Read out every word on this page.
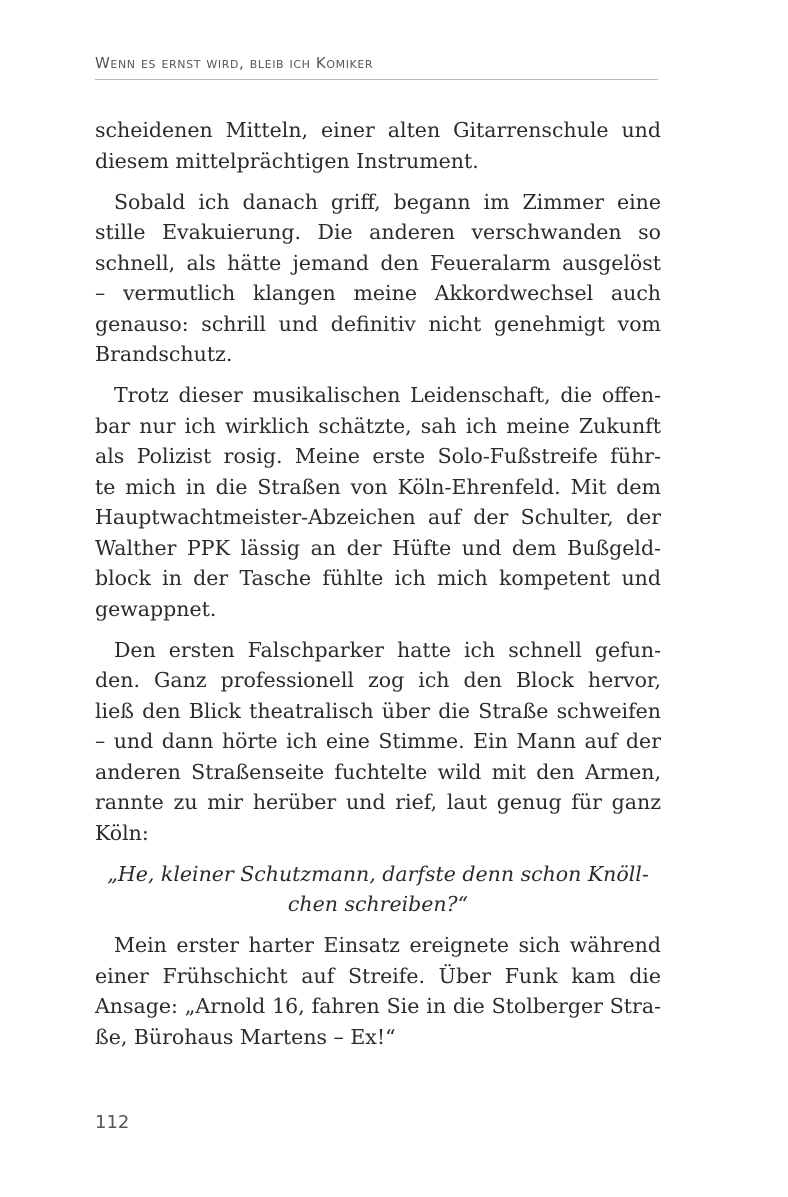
Wenn es ernst wird, bleib ich Komiker
scheidenen Mitteln, einer alten Gitarrenschule und
diesem mittelprächtigen Instrument.
Sobald ich danach griff, begann im Zimmer eine
stille Evakuierung. Die anderen verschwanden so
schnell, als hätte jemand den Feueralarm ausgelöst
– vermutlich klangen meine Akkordwechsel auch
genauso: schrill und definitiv nicht genehmigt vom
Brandschutz.
Trotz dieser musikalischen Leidenschaft, die offen-
bar nur ich wirklich schätzte, sah ich meine Zukunft
als Polizist rosig. Meine erste Solo-Fußstreife führ-
te mich in die Straßen von Köln-Ehrenfeld. Mit dem
Hauptwachtmeister-Abzeichen auf der Schulter, der
Walther PPK lässig an der Hüfte und dem Bußgeld-
block in der Tasche fühlte ich mich kompetent und
gewappnet.
Den ersten Falschparker hatte ich schnell gefun-
den. Ganz professionell zog ich den Block hervor,
ließ den Blick theatralisch über die Straße schweifen
– und dann hörte ich eine Stimme. Ein Mann auf der
anderen Straßenseite fuchtelte wild mit den Armen,
rannte zu mir herüber und rief, laut genug für ganz
Köln:
„He, kleiner Schutzmann, darfste denn schon Knöll-
chen schreiben?“
Mein erster harter Einsatz ereignete sich während
einer Frühschicht auf Streife. Über Funk kam die
Ansage: „Arnold 16, fahren Sie in die Stolberger Stra-
ße, Bürohaus Martens – Ex!“
112
